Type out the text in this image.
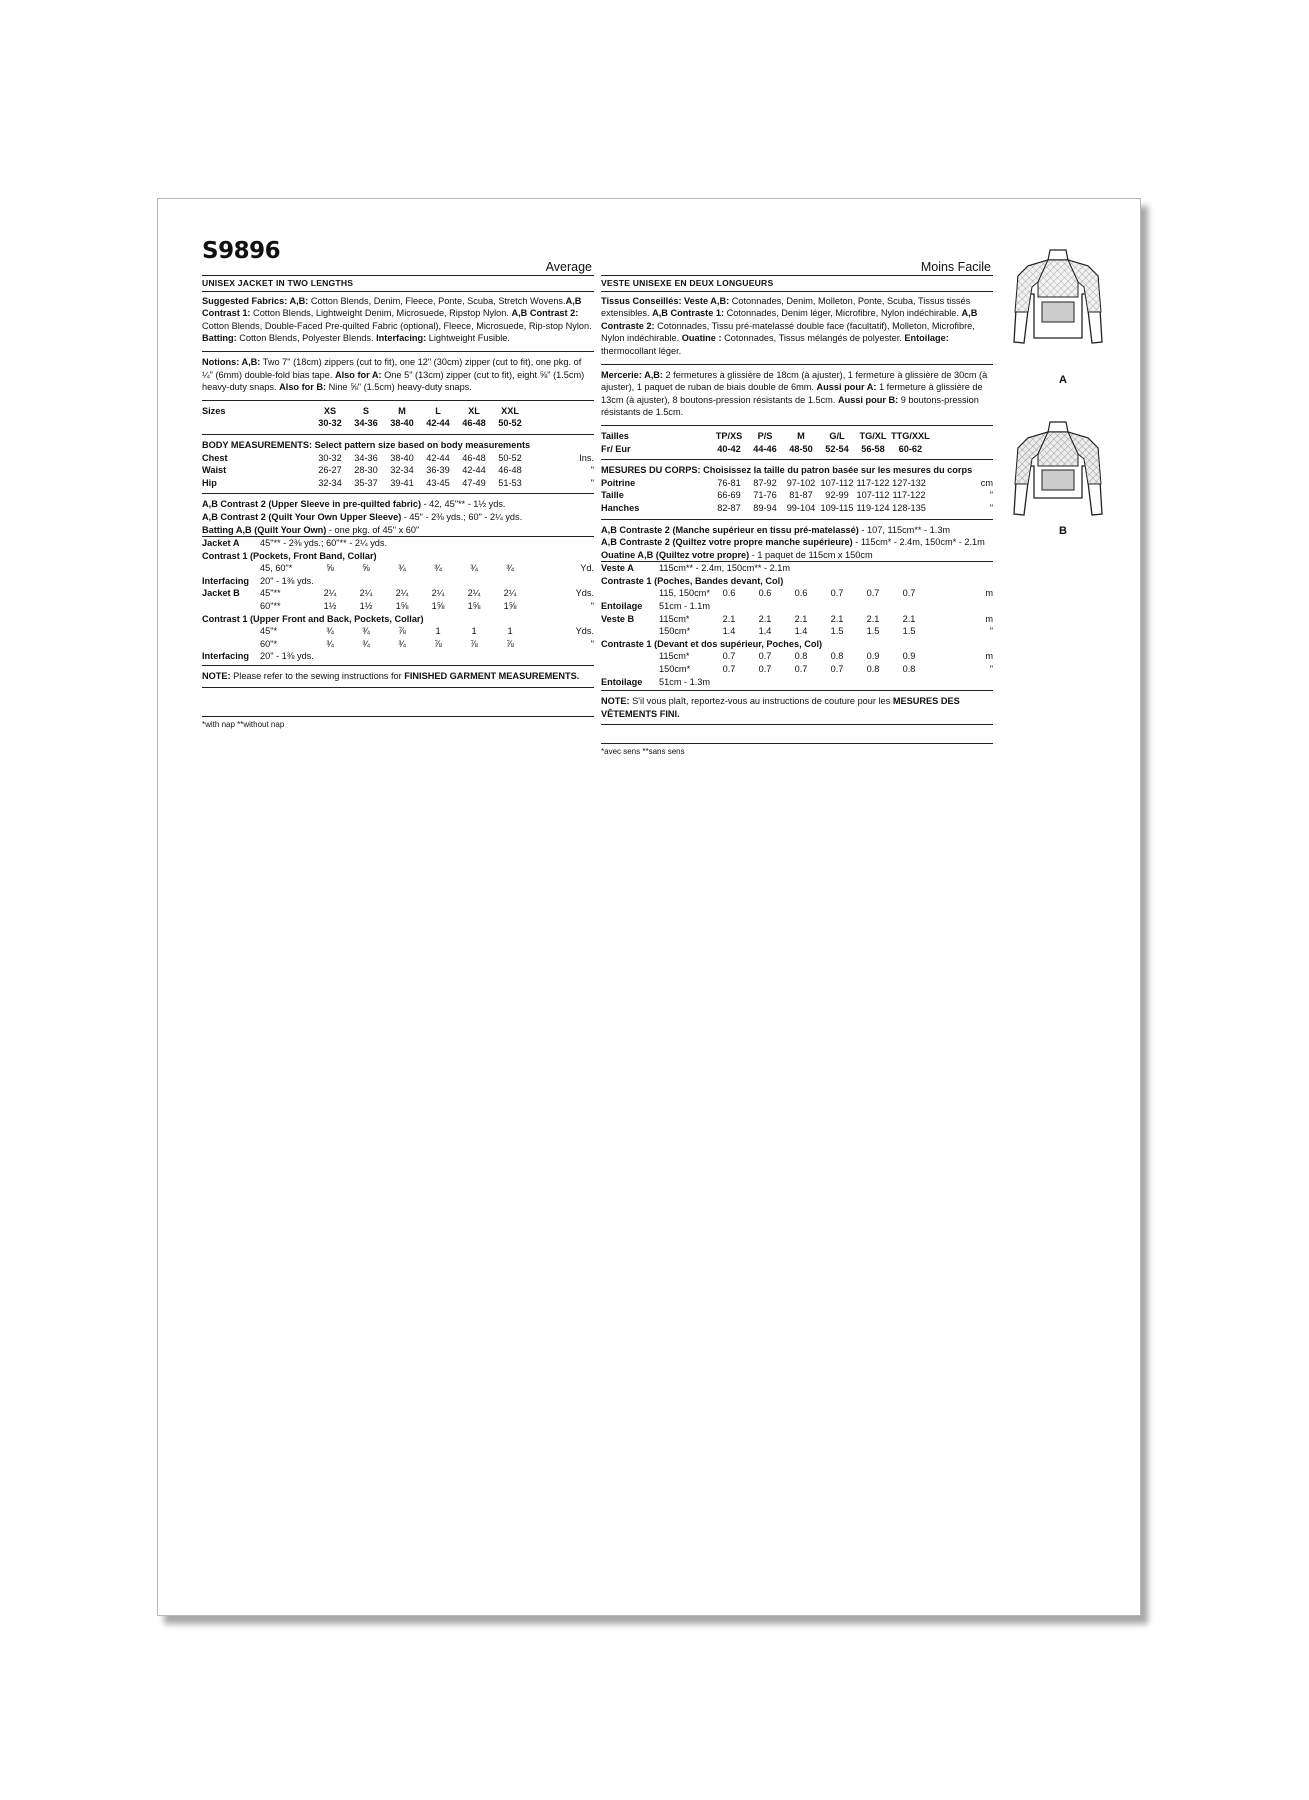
S9896
Average
UNISEX JACKET IN TWO LENGTHS
Suggested Fabrics: A,B: Cotton Blends, Denim, Fleece, Ponte, Scuba, Stretch Wovens.A,B Contrast 1: Cotton Blends, Lightweight Denim, Microsuede, Ripstop Nylon. A,B Contrast 2: Cotton Blends, Double-Faced Pre-quilted Fabric (optional), Fleece, Microsuede, Rip-stop Nylon. Batting: Cotton Blends, Polyester Blends. Interfacing: Lightweight Fusible.
Notions: A,B: Two 7" (18cm) zippers (cut to fit), one 12" (30cm) zipper (cut to fit), one pkg. of ¼" (6mm) double-fold bias tape. Also for A: One 5" (13cm) zipper (cut to fit), eight ⅝" (1.5cm) heavy-duty snaps. Also for B: Nine ⅝" (1.5cm) heavy-duty snaps.
Sizes		XS	S	M	L	XL	XXL	
		30-32	34-36	38-40	42-44	46-48	50-52	
BODY MEASUREMENTS: Select pattern size based on body measurements
Chest		30-32	34-36	38-40	42-44	46-48	50-52	Ins.
Waist		26-27	28-30	32-34	36-39	42-44	46-48	"
Hip		32-34	35-37	39-41	43-45	47-49	51-53	"
A,B Contrast 2 (Upper Sleeve in pre-quilted fabric) - 42, 45"** - 1½ yds.
A,B Contrast 2 (Quilt Your Own Upper Sleeve) - 45" - 2⅜ yds.; 60" - 2¼ yds.
Batting A,B (Quilt Your Own) - one pkg. of 45" x 60"
Jacket A	45"** - 2⅜ yds.; 60"** - 2¼ yds.							
Contrast 1 (Pockets, Front Band, Collar)								
	45, 60"*	⅝	⅝	¾	¾	¾	¾	Yd.
Interfacing	20" - 1⅜ yds.							
Jacket B	45"**	2¼	2¼	2¼	2¼	2¼	2¼	Yds.
	60"**	1½	1½	1⅝	1⅝	1⅝	1⅝	"
Contrast 1 (Upper Front and Back, Pockets, Collar)								
	45"*	¾	¾	⅞	1	1	1	Yds.
	60"*	¾	¾	¾	⅞	⅞	⅞	"
Interfacing	20" - 1⅜ yds.							
NOTE: Please refer to the sewing instructions for FINISHED GARMENT MEASUREMENTS.
*with nap **without nap
Moins Facile
VESTE UNISEXE EN DEUX LONGUEURS
Tissus Conseillés: Veste A,B: Cotonnades, Denim, Molleton, Ponte, Scuba, Tissus tissés extensibles. A,B Contraste 1: Cotonnades, Denim léger, Microfibre, Nylon indéchirable. A,B Contraste 2: Cotonnades, Tissu pré-matelassé double face (facultatif), Molleton, Microfibre, Nylon indéchirable. Ouatine : Cotonnades, Tissus mélangés de polyester. Entoilage: thermocollant léger.
Mercerie: A,B: 2 fermetures à glissière de 18cm (à ajuster), 1 fermeture à glissière de 30cm (à ajuster), 1 paquet de ruban de biais double de 6mm. Aussi pour A: 1 fermeture à glissière de 13cm (à ajuster), 8 boutons-pression résistants de 1.5cm. Aussi pour B: 9 boutons-pression résistants de 1.5cm.
Tailles		TP/XS	P/S	M	G/L	TG/XL	TTG/XXL	
Fr/ Eur		40-42	44-46	48-50	52-54	56-58	60-62	
MESURES DU CORPS: Choisissez la taille du patron basée sur les mesures du corps
Poitrine		76-81	87-92	97-102	107-112	117-122	127-132	cm
Taille		66-69	71-76	81-87	92-99	107-112	117-122	"
Hanches		82-87	89-94	99-104	109-115	119-124	128-135	"
A,B Contraste 2 (Manche supérieur en tissu pré-matelassé) - 107, 115cm** - 1.3m
A,B Contraste 2 (Quiltez votre propre manche supérieure) - 115cm* - 2.4m, 150cm* - 2.1m
Ouatine A,B (Quiltez votre propre) - 1 paquet de 115cm x 150cm
Veste A	115cm** - 2.4m, 150cm** - 2.1m							
Contraste 1 (Poches, Bandes devant, Col)								
	115, 150cm*	0.6	0.6	0.6	0.7	0.7	0.7	m
Entoilage	51cm - 1.1m							
Veste B	115cm*	2.1	2.1	2.1	2.1	2.1	2.1	m
	150cm*	1.4	1.4	1.4	1.5	1.5	1.5	"
Contraste 1 (Devant et dos supérieur, Poches, Col)								
	115cm*	0.7	0.7	0.8	0.8	0.9	0.9	m
	150cm*	0.7	0.7	0.7	0.7	0.8	0.8	"
Entoilage	51cm - 1.3m							
NOTE: S'il vous plaît, reportez-vous au instructions de couture pour les MESURES DES VÊTEMENTS FINI.
*avec sens **sans sens
A
B
